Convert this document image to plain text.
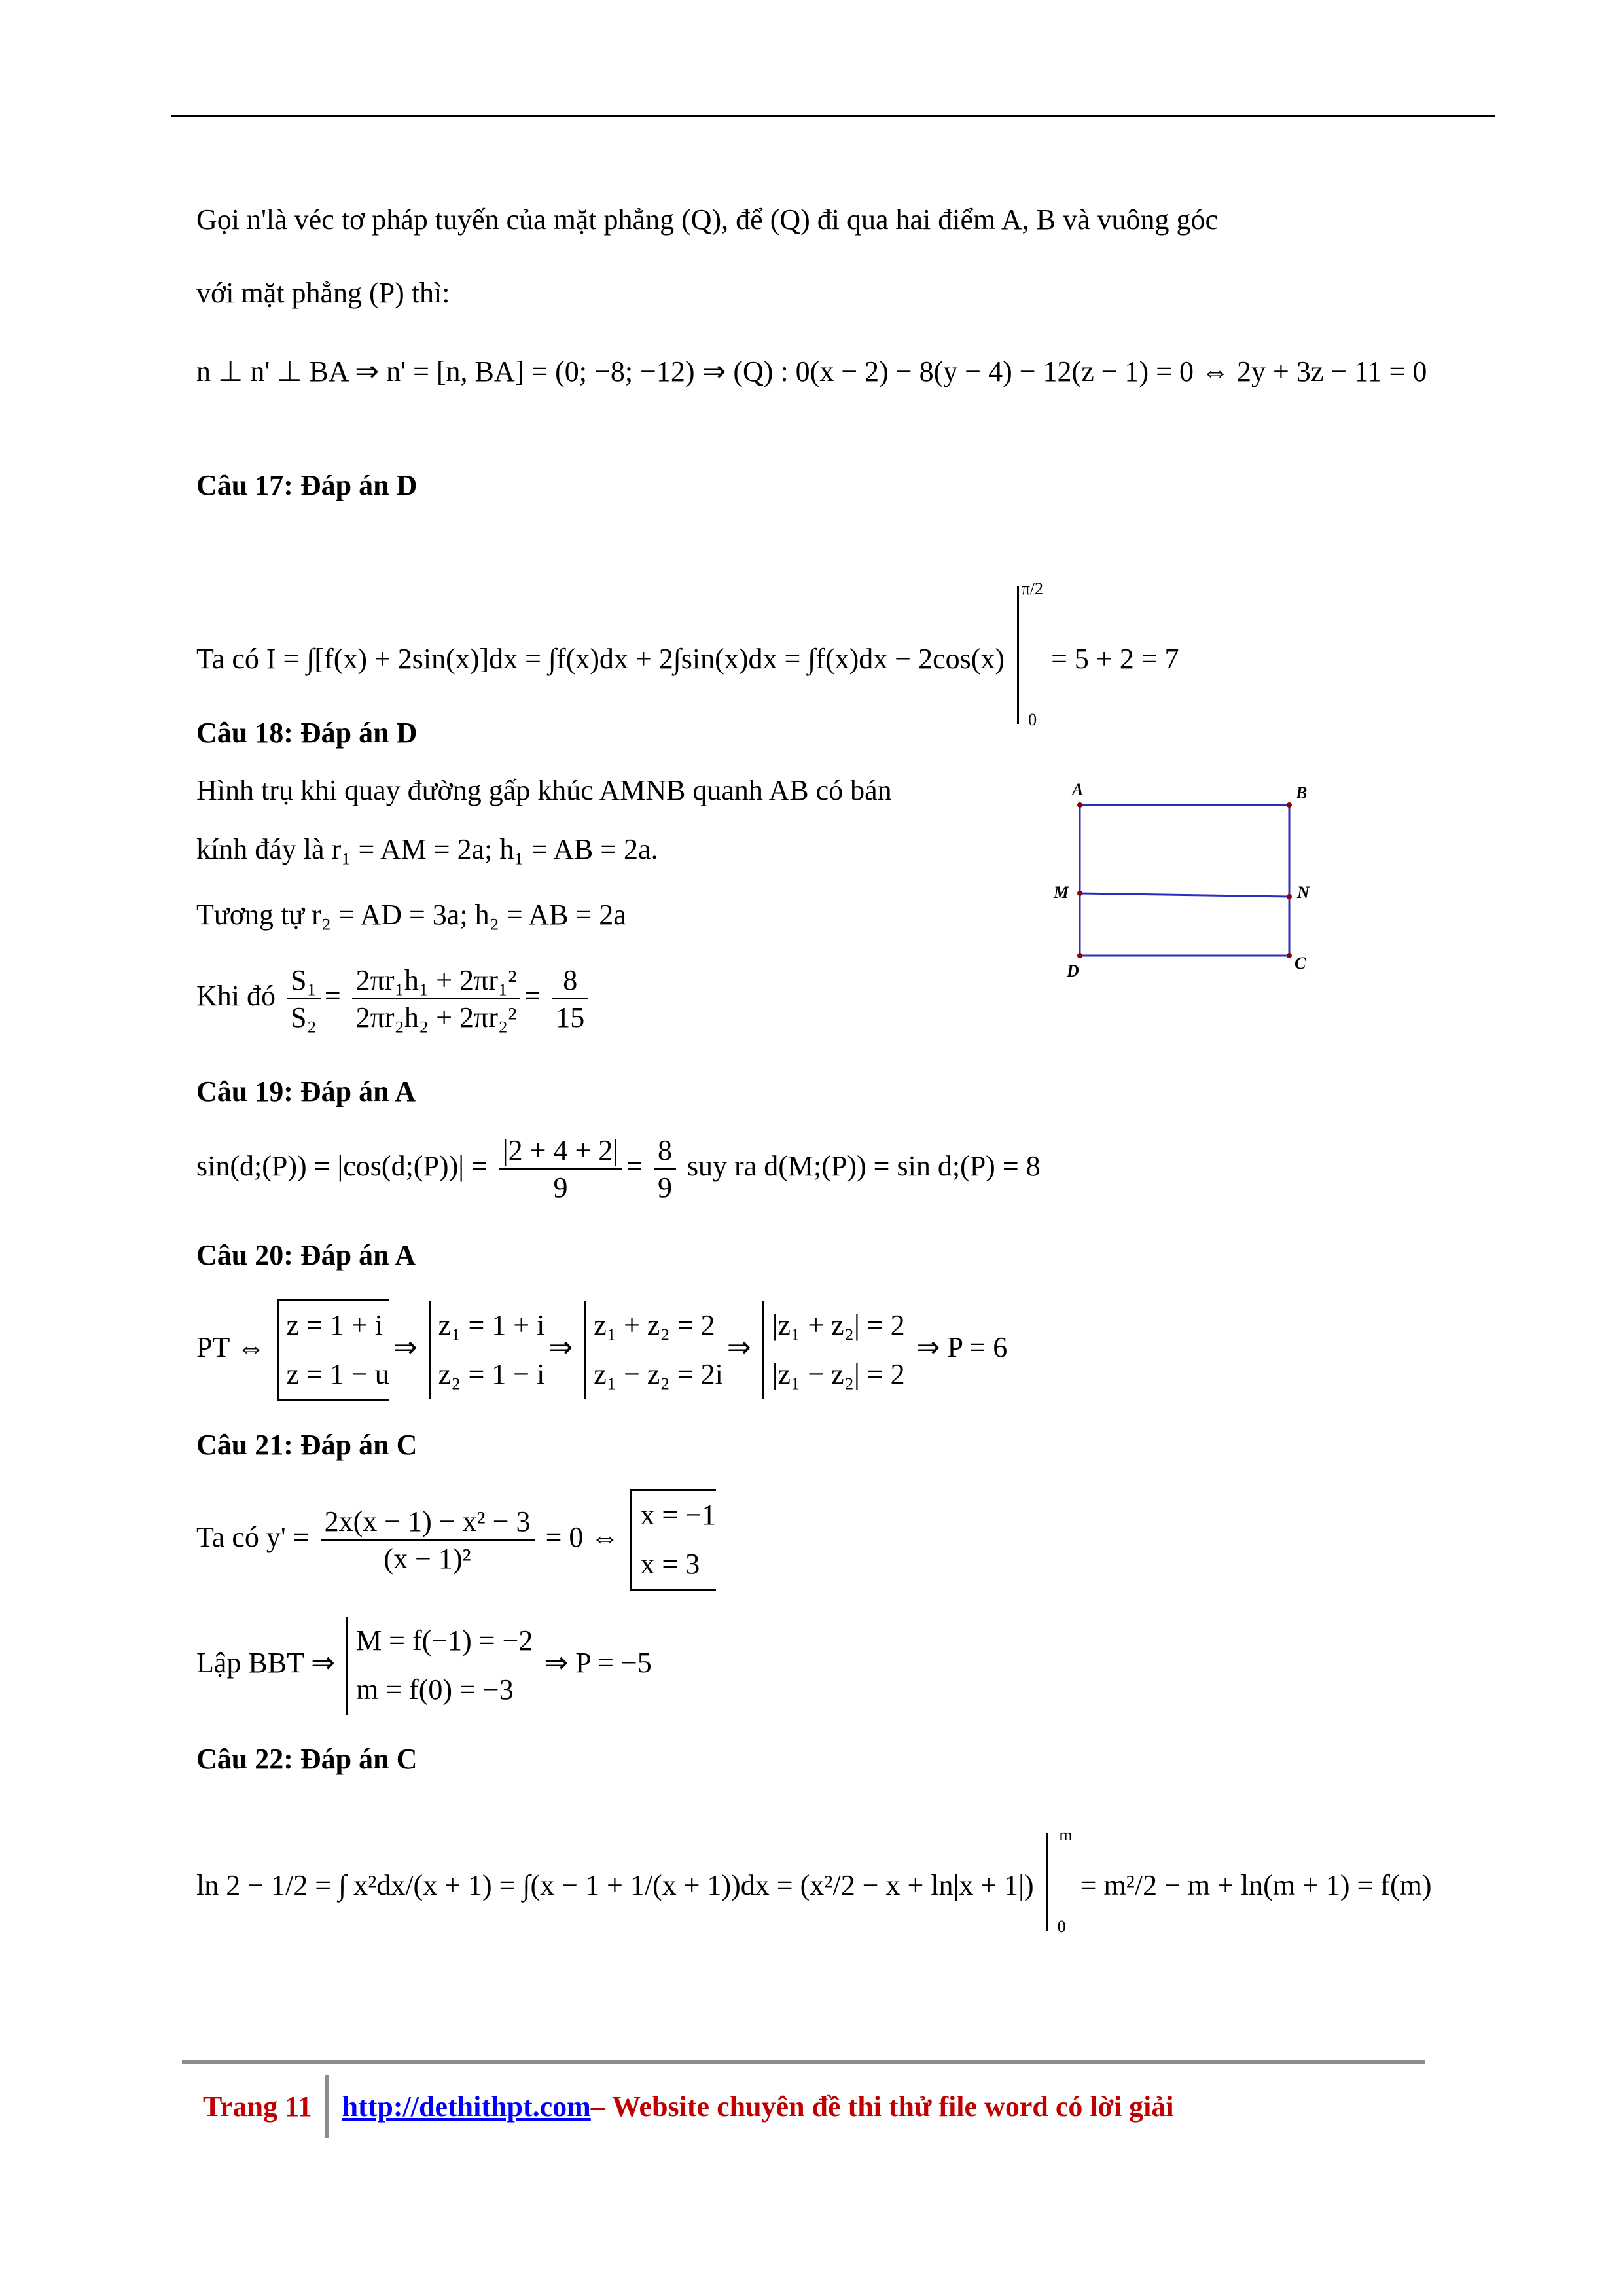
Gọi n'là véc tơ pháp tuyến của mặt phẳng (Q), để (Q) đi qua hai điểm A, B và vuông góc
với mặt phẳng (P) thì:
n ⊥ n' ⊥ BA ⇒ n' = [n, BA] = (0; −8; −12) ⇒ (Q) : 0(x − 2) − 8(y − 4) − 12(z − 1) = 0 ⇔ 2y + 3z − 11 = 0
Câu 17: Đáp án D
Ta có I = ∫[f(x) + 2sin(x)]dx = ∫f(x)dx + 2∫sin(x)dx = ∫f(x)dx − 2cos(x)
π/2
0
= 5 + 2 = 7
Câu 18: Đáp án D
Hình trụ khi quay đường gấp khúc AMNB quanh AB có bán
kính đáy là r₁ = AM = 2a; h₁ = AB = 2a.
Tương tự r₂ = AD = 3a; h₂ = AB = 2a
Khi đó $\frac{\text{S₁}}{\text{S₂}} = \frac{\text{2πr₁h₁ + 2πr₁²}}{\text{2πr₂h₂ + 2πr₂²}} = \frac{8}{15}$
Câu 19: Đáp án A
sin(d;(P)) = |cos(d;(P))| = $\frac{|2 + 4 + 2|}{9} = \frac{8}{9}$ suy ra d(M;(P)) = sin d;(P) = 8
Câu 20: Đáp án A
PT ⇔
z = 1 + i
z = 1 − u
⇒
z₁ = 1 + i
z₂ = 1 − i
⇒
z₁ + z₂ = 2
z₁ − z₂ = 2i
⇒
|z₁ + z₂| = 2
|z₁ − z₂| = 2
⇒ P = 6
Câu 21: Đáp án C
Ta có $y' = \frac{\text{2x(x − 1) − x² − 3}}{\text{(x − 1)²}} = 0$ ⇔
x = −1
x = 3
Lập BBT ⇒
M = f(−1) = −2
m = f(0) = −3
⇒ P = −5
Câu 22: Đáp án C
ln 2 − 1/2 = ∫ x²dx/(x + 1) = ∫(x − 1 + 1/(x + 1))dx = (x²/2 − x + ln|x + 1|)
m
0
= m²/2 − m + ln(m + 1) = f(m)
A	B
M	N
D	C
Trang 11 http://dethithpt.com – Website chuyên đề thi thử file word có lời giải
